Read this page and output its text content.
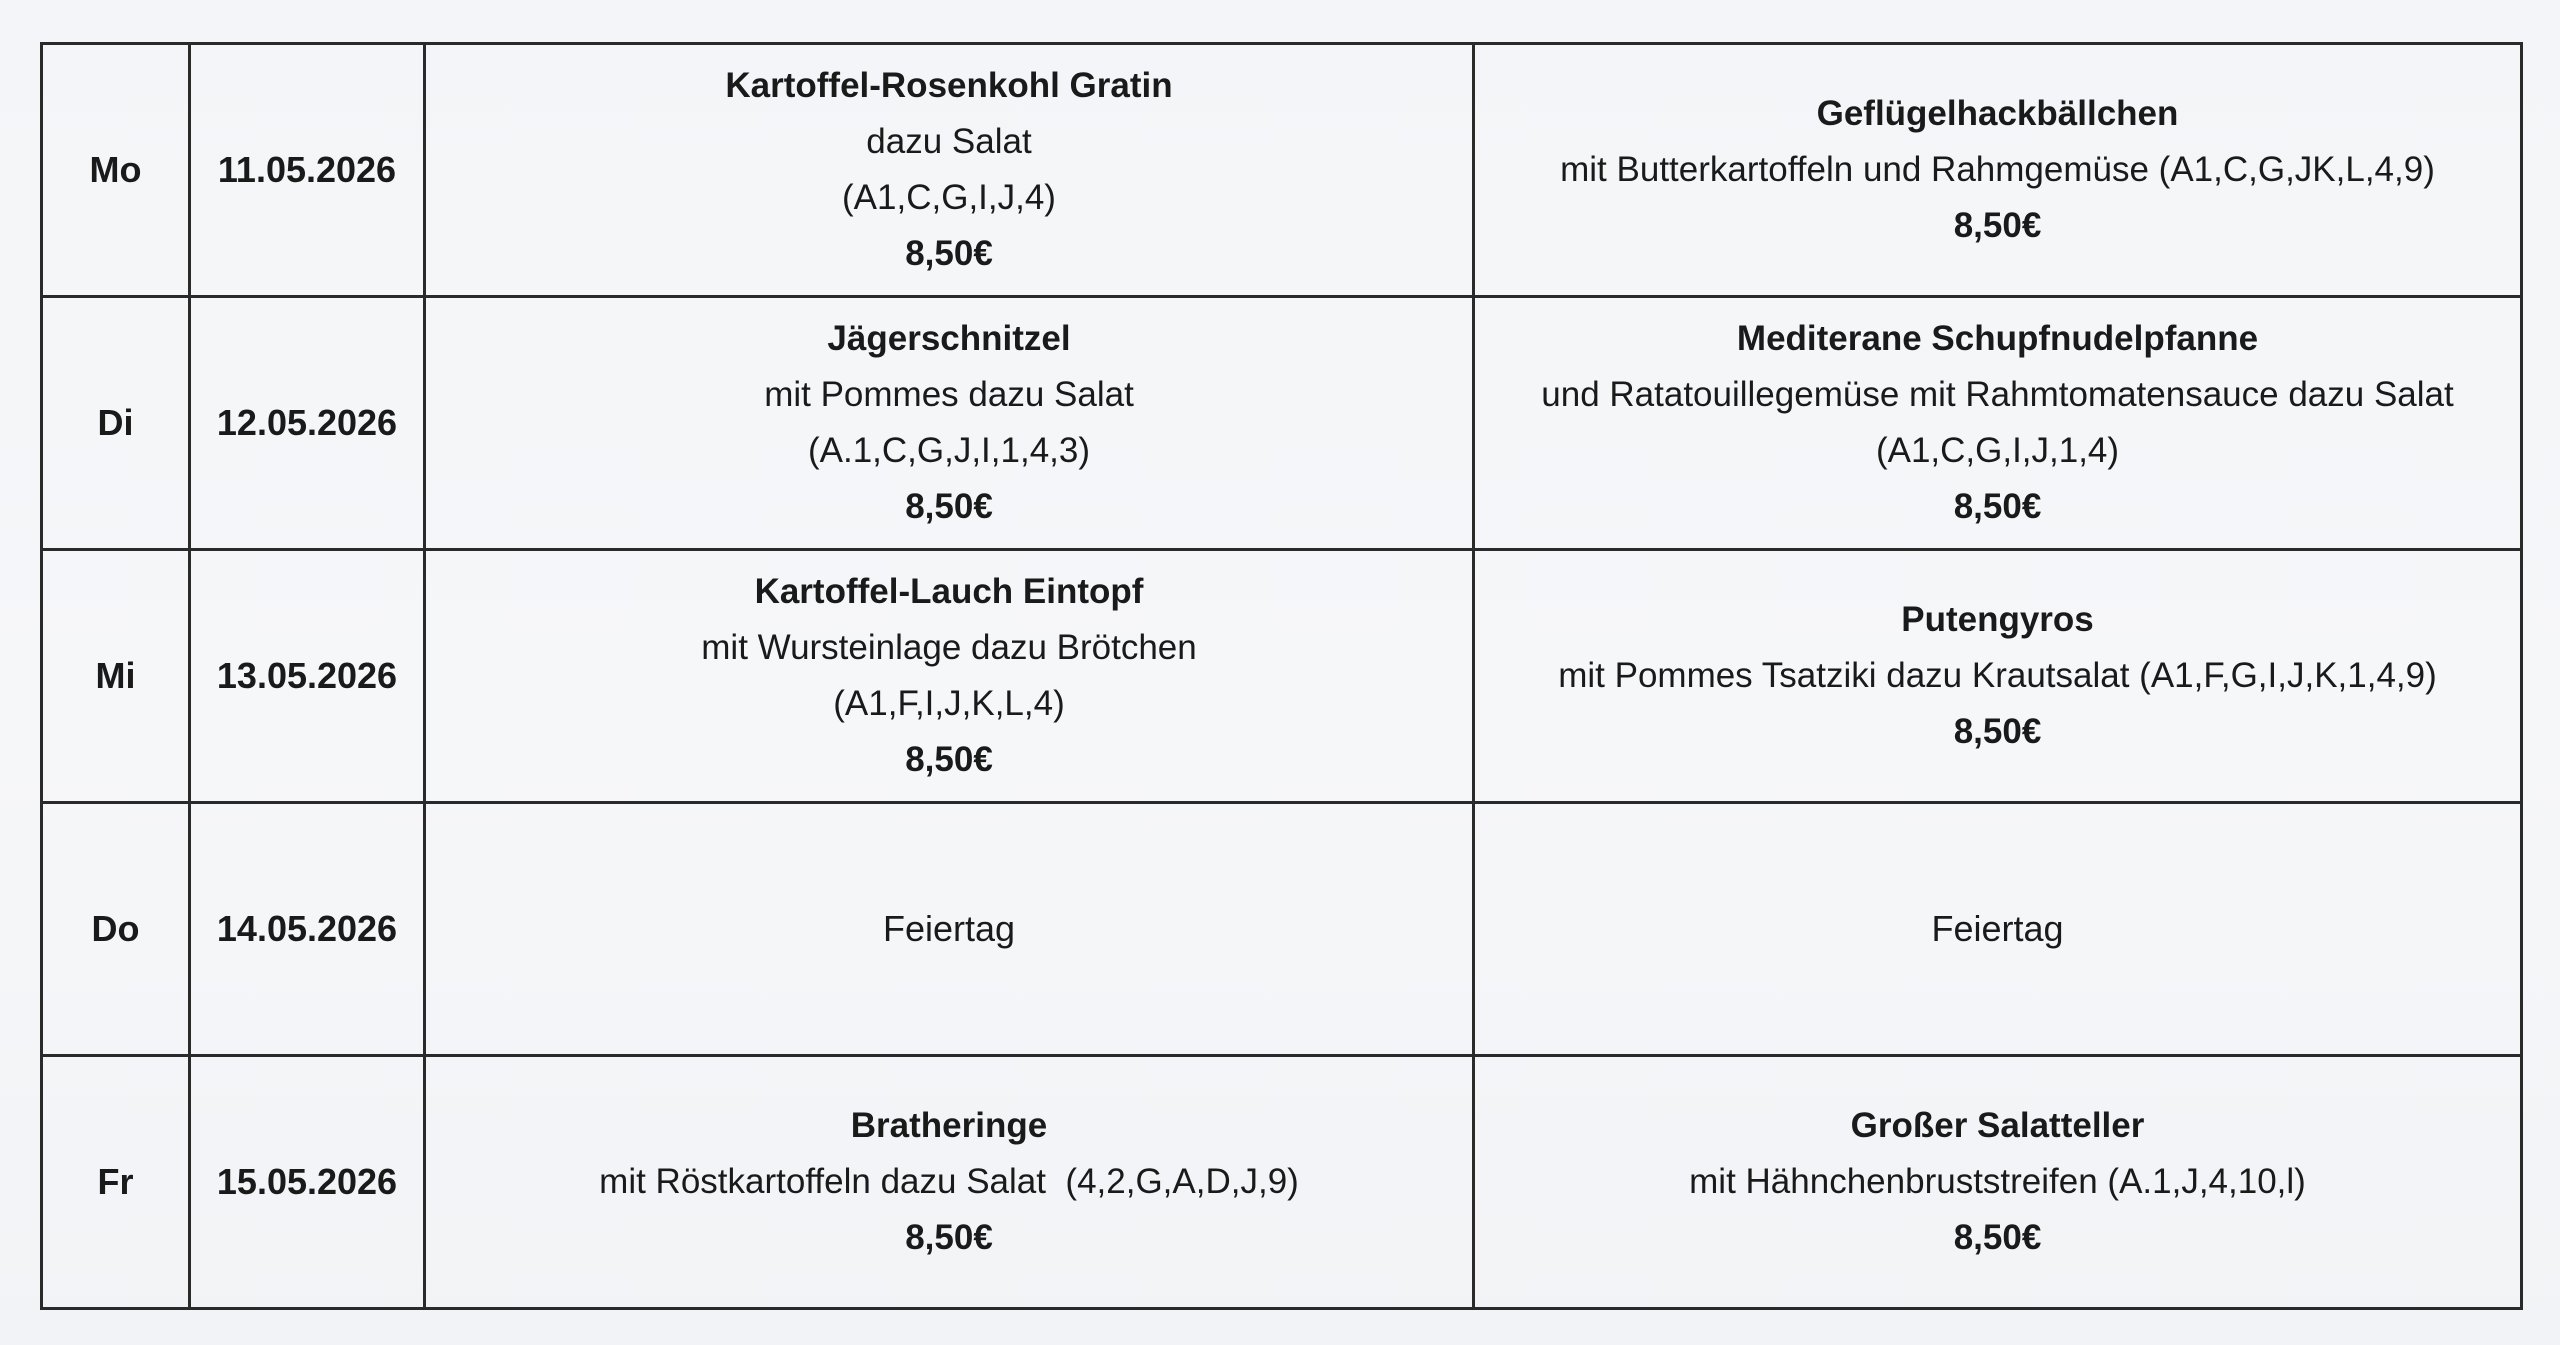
Mo	11.05.2026	Kartoffel-Rosenkohl Gratin
dazu Salat
(A1,C,G,I,J,4)
8,50€	Geflügelhackbällchen
mit Butterkartoffeln und Rahmgemüse (A1,C,G,JK,L,4,9)
8,50€

Di	12.05.2026	Jägerschnitzel
mit Pommes dazu Salat
(A.1,C,G,J,I,1,4,3)
8,50€	Mediterane Schupfnudelpfanne
und Ratatouillegemüse mit Rahmtomatensauce dazu Salat
(A1,C,G,I,J,1,4)
8,50€

Mi	13.05.2026	Kartoffel-Lauch Eintopf
mit Wursteinlage dazu Brötchen
(A1,F,I,J,K,L,4)
8,50€	Putengyros
mit Pommes Tsatziki dazu Krautsalat (A1,F,G,I,J,K,1,4,9)
8,50€

Do	14.05.2026	Feiertag	Feiertag
Fr	15.05.2026	Bratheringe
mit Röstkartoffeln dazu Salat  (4,2,G,A,D,J,9)
8,50€	Großer Salatteller
mit Hähnchenbruststreifen (A.1,J,4,10,l)
8,50€
